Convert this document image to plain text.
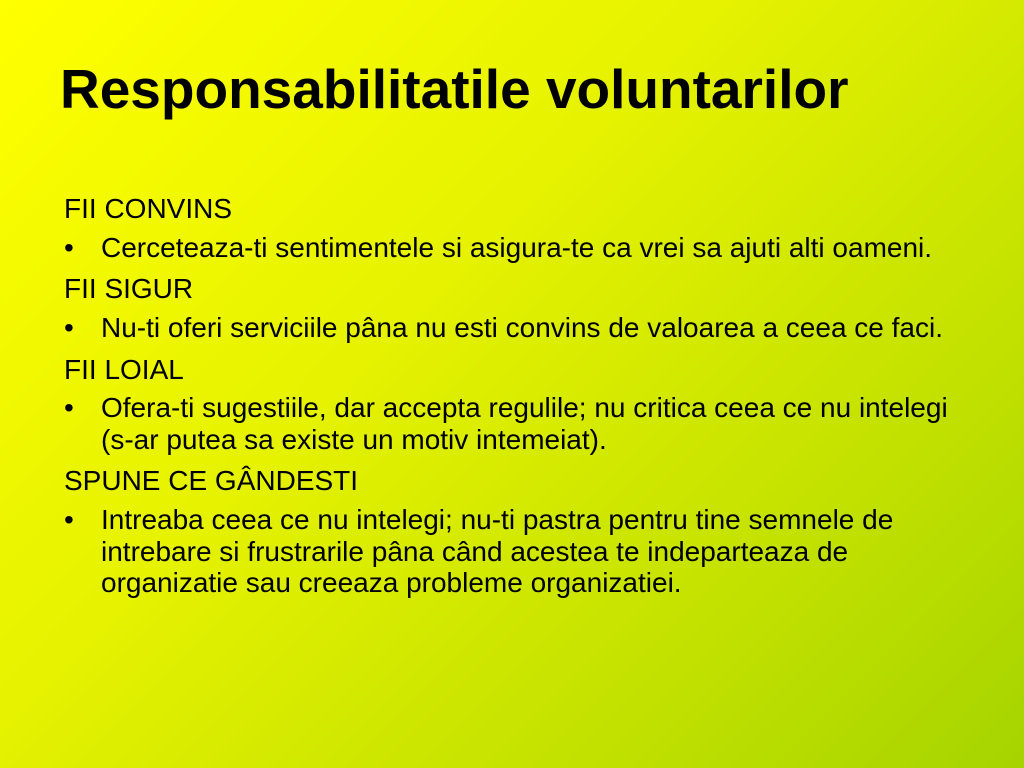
Responsabilitatile voluntarilor
FII CONVINS
• Cerceteaza-ti sentimentele si asigura-te ca vrei sa ajuti alti oameni.
FII SIGUR
• Nu-ti oferi serviciile pâna nu esti convins de valoarea a ceea ce faci.
FII LOIAL
• Ofera-ti sugestiile, dar accepta regulile; nu critica ceea ce nu intelegi (s-ar putea sa existe un motiv intemeiat).
SPUNE CE GÂNDESTI
• Intreaba ceea ce nu intelegi; nu-ti pastra pentru tine semnele de intrebare si frustrarile pâna când acestea te indeparteaza de organizatie sau creeaza probleme organizatiei.
